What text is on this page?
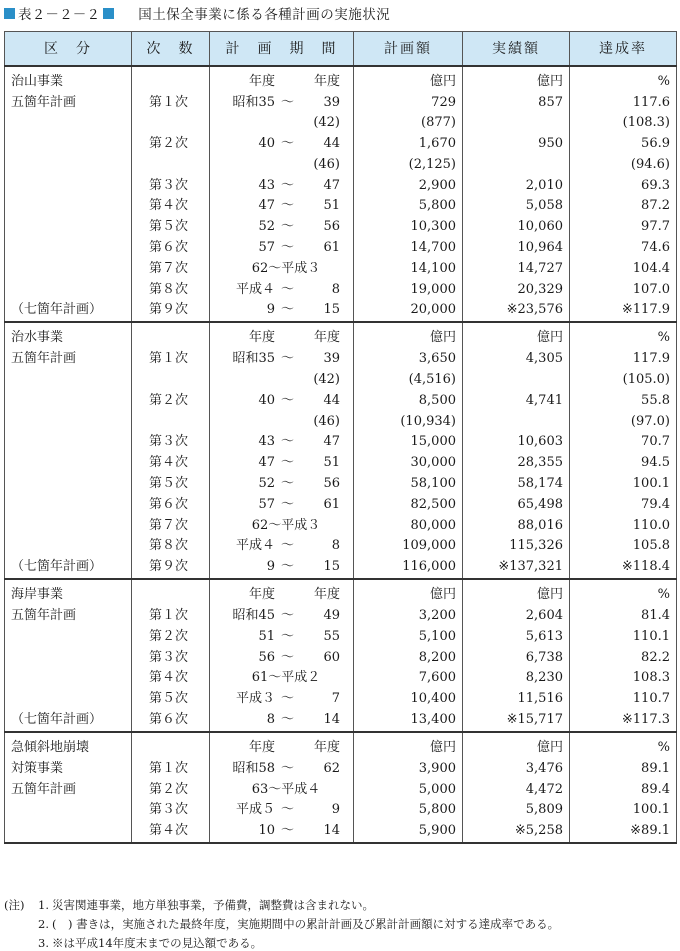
表２－２－２	国土保全事業に係る各種計画の実施状況
区　分	次　数	計　画　期　間	計画額	実績額	達成率
治山事業		年度 年度	億円	億円	%
五箇年計画	第１次	昭和35 ～ 39	729	857	117.6

		(42)	(877)		(108.3)
	第２次	40 ～ 44	1,670	950	56.9

		(46)	(2,125)		(94.6)
	第３次	43 ～ 47	2,900	2,010	69.3
	第４次	47 ～ 51	5,800	5,058	87.2
	第５次	52 ～ 56	10,300	10,060	97.7
	第６次	57 ～ 61	14,700	10,964	74.6
	第７次	62～平成３	14,100	14,727	104.4
	第８次	平成４ ～ 8	19,000	20,329	107.0
（七箇年計画）	第９次	9 ～ 15	20,000	※23,576	※117.9
治水事業		年度 年度	億円	億円	%
五箇年計画	第１次	昭和35 ～ 39	3,650	4,305	117.9

		(42)	(4,516)		(105.0)
	第２次	40 ～ 44	8,500	4,741	55.8

		(46)	(10,934)		(97.0)
	第３次	43 ～ 47	15,000	10,603	70.7
	第４次	47 ～ 51	30,000	28,355	94.5
	第５次	52 ～ 56	58,100	58,174	100.1
	第６次	57 ～ 61	82,500	65,498	79.4
	第７次	62～平成３	80,000	88,016	110.0
	第８次	平成４ ～ 8	109,000	115,326	105.8
（七箇年計画）	第９次	9 ～ 15	116,000	※137,321	※118.4
海岸事業		年度 年度	億円	億円	%
五箇年計画	第１次	昭和45 ～ 49	3,200	2,604	81.4
	第２次	51 ～ 55	5,100	5,613	110.1
	第３次	56 ～ 60	8,200	6,738	82.2
	第４次	61～平成２	7,600	8,230	108.3
	第５次	平成３ ～ 7	10,400	11,516	110.7
（七箇年計画）	第６次	8 ～ 14	13,400	※15,717	※117.3
急傾斜地崩壊		年度 年度	億円	億円	%
対策事業	第１次	昭和58 ～ 62	3,900	3,476	89.1
五箇年計画	第２次	63～平成４	5,000	4,472	89.4
	第３次	平成５ ～ 9	5,800	5,809	100.1
	第４次	10 ～ 14	5,900	※5,258	※89.1
(注)	1. 災害関連事業，地方単独事業，予備費，調整費は含まれない。
2. (　) 書きは，実施された最終年度，実施期間中の累計計画及び累計計画額に対する達成率である。
3. ※は平成14年度末までの見込額である。
